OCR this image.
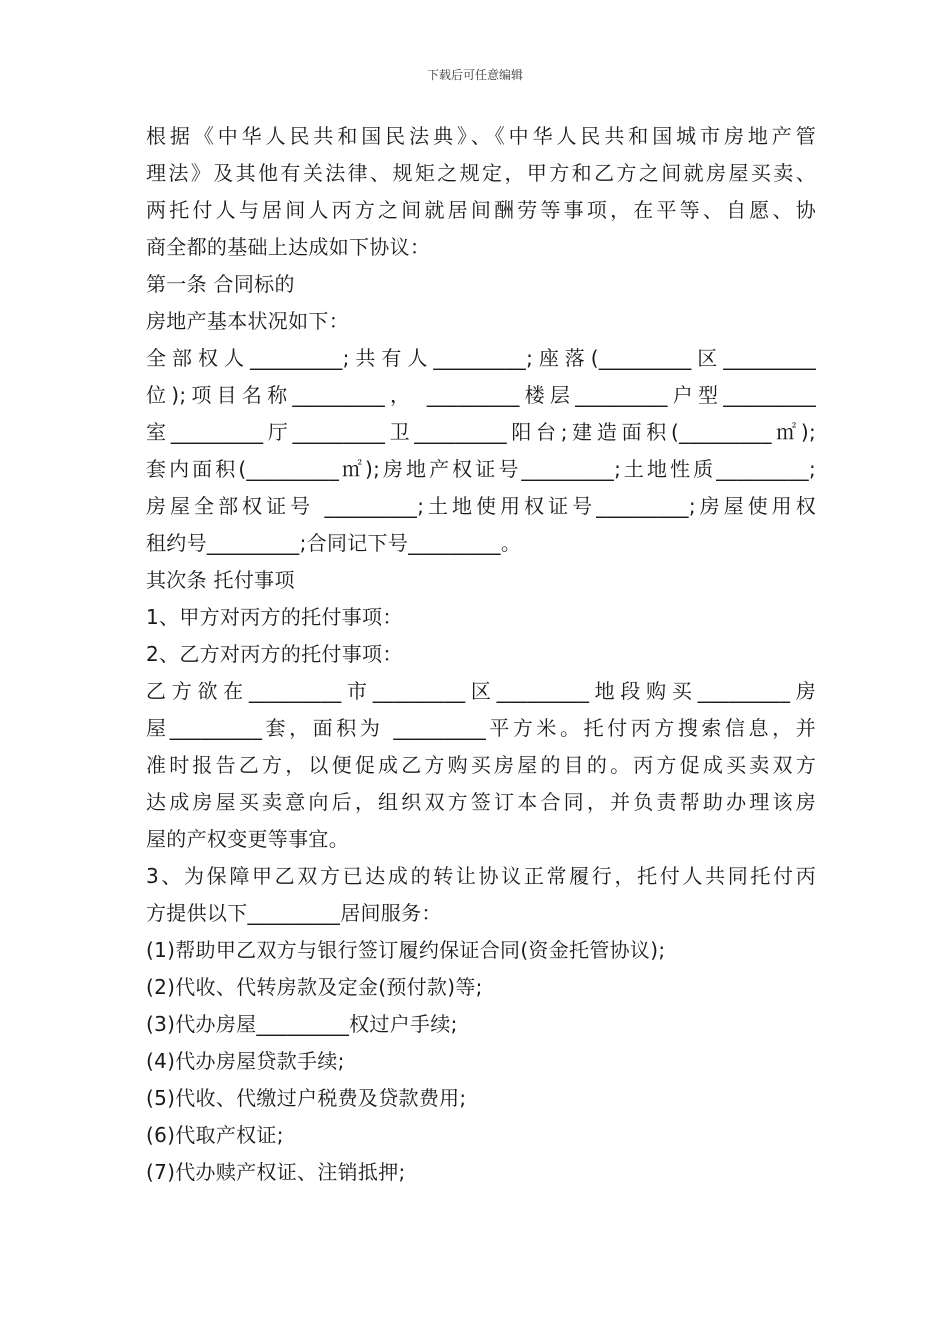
下载后可任意编辑
根据《中华人民共和国民法典》、《中华人民共和国城市房地产管
理法》及其他有关法律、规矩之规定，甲方和乙方之间就房屋买卖、
两托付人与居间人丙方之间就居间酬劳等事项，在平等、自愿、协
商全都的基础上达成如下协议：
第一条 合同标的
房地产基本状况如下：
全部权人_________;共有人_________;座落(_________区_________
位);项目名称_________， _________楼层_________户型_________
室_________厅_________卫_________阳台;建造面积(_________㎡);
套内面积(_________㎡);房地产权证号_________;土地性质_________;
房屋全部权证号 _________;土地使用权证号_________;房屋使用权
租约号_________;合同记下号_________。
其次条 托付事项
1、甲方对丙方的托付事项：
2、乙方对丙方的托付事项：
乙方欲在_________市_________区_________地段购买_________房
屋_________套，面积为 _________平方米。托付丙方搜索信息，并
准时报告乙方，以便促成乙方购买房屋的目的。丙方促成买卖双方
达成房屋买卖意向后，组织双方签订本合同，并负责帮助办理该房
屋的产权变更等事宜。
3、为保障甲乙双方已达成的转让协议正常履行，托付人共同托付丙
方提供以下_________居间服务：
(1)帮助甲乙双方与银行签订履约保证合同(资金托管协议);
(2)代收、代转房款及定金(预付款)等;
(3)代办房屋_________权过户手续;
(4)代办房屋贷款手续;
(5)代收、代缴过户税费及贷款费用;
(6)代取产权证;
(7)代办赎产权证、注销抵押;
